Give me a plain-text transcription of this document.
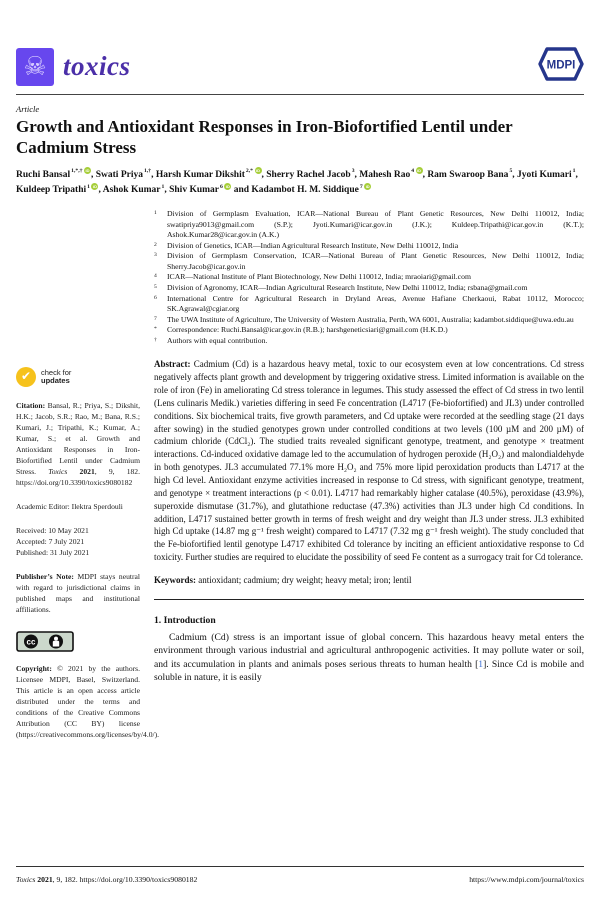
☠ toxics	MDPI
Article
Growth and Antioxidant Responses in Iron-Biofortified Lentil under Cadmium Stress
Ruchi Bansal$^{1,*,\dagger}$ iD , Swati Priya$^{1,\dagger}$, Harsh Kumar Dikshit$^{2,*}$ iD , Sherry Rachel Jacob$^3$, Mahesh Rao$^4$ iD , Ram Swaroop Bana$^5$, Jyoti Kumari$^1$, Kuldeep Tripathi$^1$ iD , Ashok Kumar$^1$, Shiv Kumar$^6$ iD and Kadambot H. M. Siddique$^7$ iD
✔	check for
updates
Citation: Bansal, R.; Priya, S.; Dikshit, H.K.; Jacob, S.R.; Rao, M.; Bana, R.S.; Kumari, J.; Tripathi, K.; Kumar, A.; Kumar, S.; et al. Growth and Antioxidant Responses in Iron-Biofortified Lentil under Cadmium Stress. Toxics 2021, 9, 182. https://doi.org/10.3390/toxics9080182
Academic Editor: Ilektra Sperdouli
Received: 10 May 2021
Accepted: 7 July 2021
Published: 31 July 2021
Publisher’s Note: MDPI stays neutral with regard to jurisdictional claims in published maps and institutional affiliations.
cc
Copyright: © 2021 by the authors. Licensee MDPI, Basel, Switzerland. This article is an open access article distributed under the terms and conditions of the Creative Commons Attribution (CC BY) license (https://creativecommons.org/licenses/by/4.0/).
1	Division of Germplasm Evaluation, ICAR—National Bureau of Plant Genetic Resources, New Delhi 110012, India; swatipriya9013@gmail.com (S.P.); Jyoti.Kumari@icar.gov.in (J.K.); Kuldeep.Tripathi@icar.gov.in (K.T.); Ashok.Kumar28@icar.gov.in (A.K.)
2	Division of Genetics, ICAR—Indian Agricultural Research Institute, New Delhi 110012, India
3	Division of Germplasm Conservation, ICAR—National Bureau of Plant Genetic Resources, New Delhi 110012, India; Sherry.Jacob@icar.gov.in
4	ICAR—National Institute of Plant Biotechnology, New Delhi 110012, India; mraoiari@gmail.com
5	Division of Agronomy, ICAR—Indian Agricultural Research Institute, New Delhi 110012, India; rsbana@gmail.com
6	International Centre for Agricultural Research in Dryland Areas, Avenue Hafiane Cherkaoui, Rabat 10112, Morocco; SK.Agrawal@cgiar.org
7	The UWA Institute of Agriculture, The University of Western Australia, Perth, WA 6001, Australia; kadambot.siddique@uwa.edu.au
*	Correspondence: Ruchi.Bansal@icar.gov.in (R.B.); harshgeneticsiari@gmail.com (H.K.D.)
†	Authors with equal contribution.
Abstract: Cadmium (Cd) is a hazardous heavy metal, toxic to our ecosystem even at low concentrations. Cd stress negatively affects plant growth and development by triggering oxidative stress. Limited information is available on the role of iron (Fe) in ameliorating Cd stress tolerance in legumes. This study assessed the effect of Cd stress in two lentil (Lens culinaris Medik.) varieties differing in seed Fe concentration (L4717 (Fe-biofortified) and JL3) under controlled conditions. Six biochemical traits, five growth parameters, and Cd uptake were recorded at the seedling stage (21 days after sowing) in the studied genotypes grown under controlled conditions at two levels (100 µM and 200 µM) of cadmium chloride (CdCl₂). The studied traits revealed significant genotype, treatment, and genotype × treatment interactions. Cd-induced oxidative damage led to the accumulation of hydrogen peroxide (H₂O₂) and malondialdehyde in both genotypes. JL3 accumulated 77.1% more H₂O₂ and 75% more lipid peroxidation products than L4717 at the high Cd level. Antioxidant enzyme activities increased in response to Cd stress, with significant genotype, treatment, and genotype × treatment interactions (p < 0.01). L4717 had remarkably higher catalase (40.5%), peroxidase (43.9%), superoxide dismutase (31.7%), and glutathione reductase (47.3%) activities than JL3 under high Cd conditions. In addition, L4717 sustained better growth in terms of fresh weight and dry weight than JL3 under stress. JL3 exhibited high Cd uptake (14.87 mg g⁻¹ fresh weight) compared to L4717 (7.32 mg g⁻¹ fresh weight). The study concluded that the Fe-biofortified lentil genotype L4717 exhibited Cd tolerance by inciting an efficient antioxidative response to Cd toxicity. Further studies are required to elucidate the possibility of seed Fe content as a surrogacy trait for Cd tolerance.
Keywords: antioxidant; cadmium; dry weight; heavy metal; iron; lentil
1. Introduction
Cadmium (Cd) stress is an important issue of global concern. This hazardous heavy metal enters the environment through various industrial and agricultural anthropogenic activities. It may pollute water or soil, and its accumulation in plants and animals poses serious threats to human health [1]. Since Cd is mobile and soluble in nature, it is easily
Toxics 2021, 9, 182. https://doi.org/10.3390/toxics9080182	https://www.mdpi.com/journal/toxics
